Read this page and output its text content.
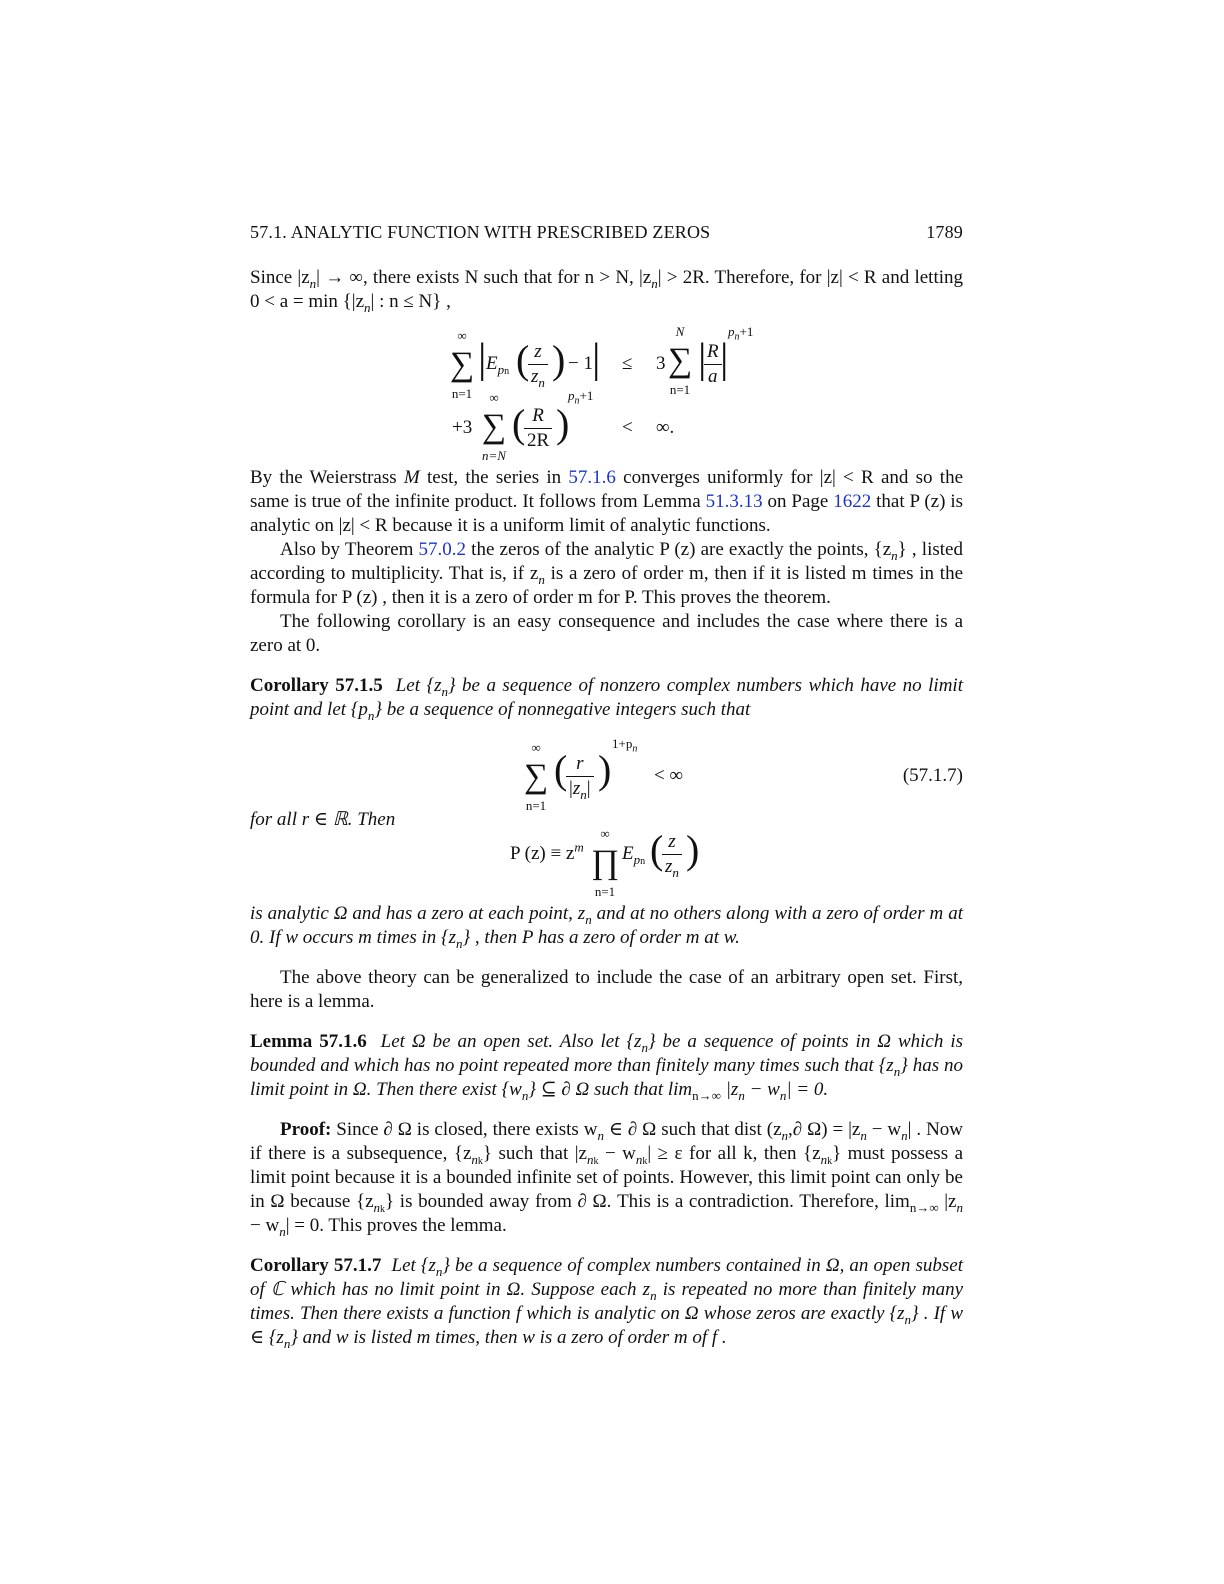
57.1. ANALYTIC FUNCTION WITH PRESCRIBED ZEROS	1789

Since $|z_n|$ → ∞, there exists N such that for n > N, $|z_n| > 2R$. Therefore, for |z| < R and letting $0 < a = \min \{|z_n|$ : n ≤ N} ,

∞
∑
n=1
| $E_{pn}$ (
$\frac{z}{z_n}$ ) − 1 | ≤ 3
N
∑
n=1
|
$\frac{R}{a}$
|
$p_n+1$
+3
∞
∑
n=N
(
$\frac{R}{2R}$ )
$p_n+1$
< ∞.

By the Weierstrass M test, the series in 57.1.6 converges uniformly for |z| < R and so the same is true of the infinite product. It follows from Lemma 51.3.13 on Page 1622 that P (z) is analytic on |z| < R because it is a uniform limit of analytic functions.

Also by Theorem 57.0.2 the zeros of the analytic P (z) are exactly the points, $\{z_n\}$ , listed according to multiplicity. That is, if $z_n$ is a zero of order m, then if it is listed m times in the formula for P (z) , then it is a zero of order m for P. This proves the theorem.

The following corollary is an easy consequence and includes the case where there is a zero at 0.

Corollary 57.1.5 Let $\{z_n\}$ be a sequence of nonzero complex numbers which have no limit point and let $\{p_n\}$ be a sequence of nonnegative integers such that

∞
∑
n=1
(
$\frac{r}{|z_n|}$ )
$1+p_n$
< ∞	(57.1.7)

for all r ∈ ℝ. Then

P $(z) \equiv z^m$
∞
∏
n=1
$E_{pn}$ (
$\frac{z}{z_n}$ )

is analytic Ω and has a zero at each point, $z_n$ and at no others along with a zero of order m at 0. If w occurs m times in $\{z_n\}$ , then P has a zero of order m at w.

The above theory can be generalized to include the case of an arbitrary open set. First, here is a lemma.

Lemma 57.1.6 Let Ω be an open set. Also let $\{z_n\}$ be a sequence of points in Ω which is bounded and which has no point repeated more than finitely many times such that $\{z_n\}$ has no limit point in Ω. Then there exist $\{w_n\}$ ⊆ ∂ Ω such that $\lim_{n\to\infty} |z_n - w_n| = 0$.

Proof: Since ∂ Ω is closed, there exists $w_n$ ∈ ∂ Ω such that dist ($z_n,\partial$ $\Omega) = |z_n - w_n|$ . Now if there is a subsequence, $\{z_{nk}\}$ such that $|z_{nk} - w_{nk}| \ge \varepsilon$ for all k, then $\{z_{nk}\}$ must possess a limit point because it is a bounded infinite set of points. However, this limit point can only be in Ω because $\{z_{nk}\}$ is bounded away from ∂ Ω. This is a contradiction. Therefore, $\lim_{n\to\infty} |z_n - w_n| = 0$. This proves the lemma.

Corollary 57.1.7 Let $\{z_n\}$ be a sequence of complex numbers contained in Ω, an open subset of ℂ which has no limit point in Ω. Suppose each $z_n$ is repeated no more than finitely many times. Then there exists a function f which is analytic on Ω whose zeros are exactly $\{z_n\}$ . If w ∈ $\{z_n\}$ and w is listed m times, then w is a zero of order m of f .
